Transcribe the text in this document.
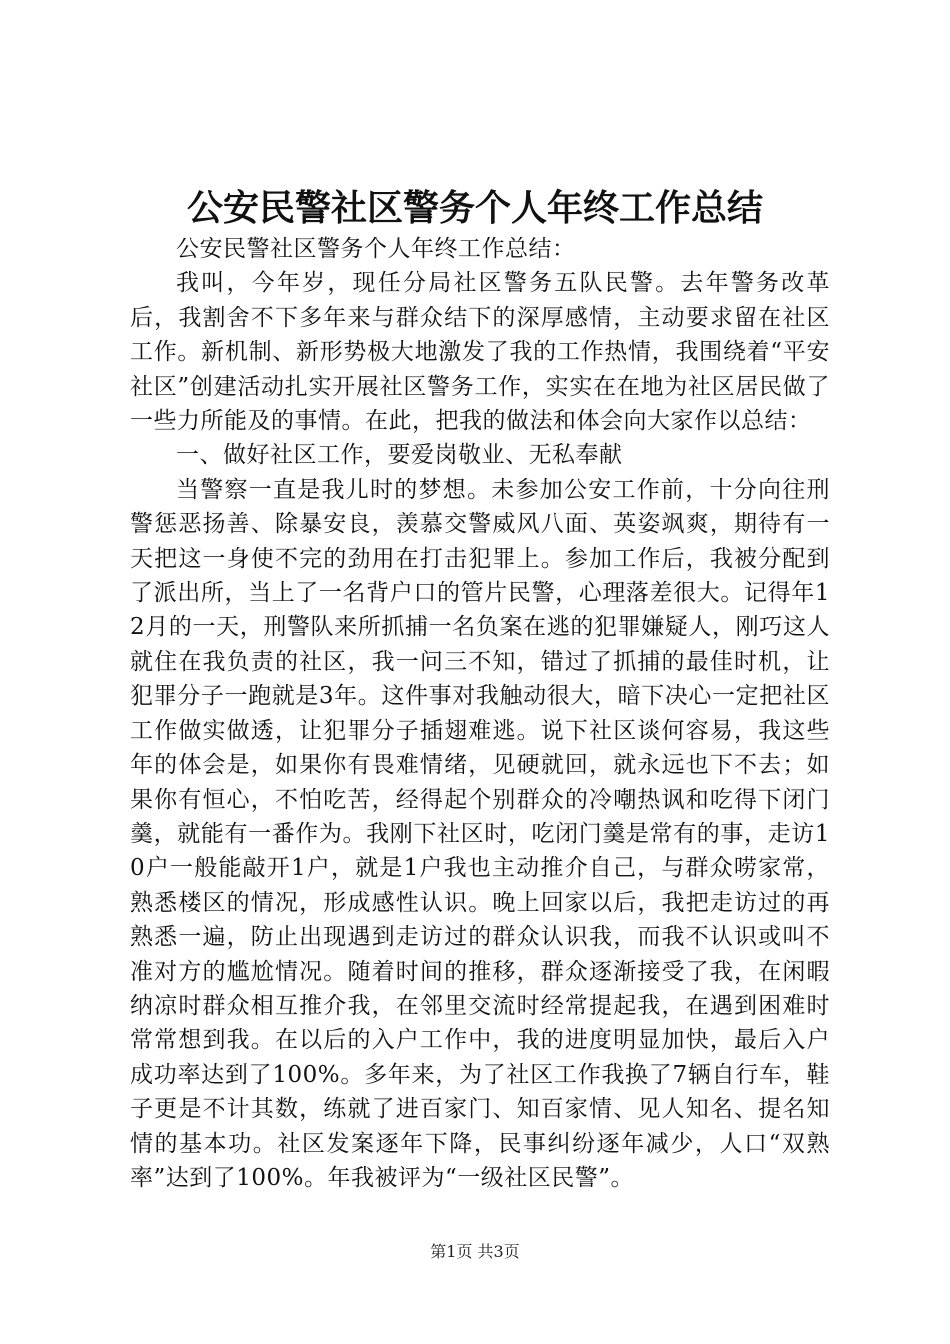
公安民警社区警务个人年终工作总结

公安民警社区警务个人年终工作总结：

我叫，今年岁，现任分局社区警务五队民警。去年警务改革后，我割舍不下多年来与群众结下的深厚感情，主动要求留在社区工作。新机制、新形势极大地激发了我的工作热情，我围绕着“平安社区”创建活动扎实开展社区警务工作，实实在在地为社区居民做了一些力所能及的事情。在此，把我的做法和体会向大家作以总结：

一、做好社区工作，要爱岗敬业、无私奉献

当警察一直是我儿时的梦想。未参加公安工作前，十分向往刑警惩恶扬善、除暴安良，羡慕交警威风八面、英姿飒爽，期待有一天把这一身使不完的劲用在打击犯罪上。参加工作后，我被分配到了派出所，当上了一名背户口的管片民警，心理落差很大。记得年12月的一天，刑警队来所抓捕一名负案在逃的犯罪嫌疑人，刚巧这人就住在我负责的社区，我一问三不知，错过了抓捕的最佳时机，让犯罪分子一跑就是3年。这件事对我触动很大，暗下决心一定把社区工作做实做透，让犯罪分子插翅难逃。说下社区谈何容易，我这些年的体会是，如果你有畏难情绪，见硬就回，就永远也下不去；如果你有恒心，不怕吃苦，经得起个别群众的冷嘲热讽和吃得下闭门羹，就能有一番作为。我刚下社区时，吃闭门羹是常有的事，走访10户一般能敲开1户，就是1户我也主动推介自己，与群众唠家常，熟悉楼区的情况，形成感性认识。晚上回家以后，我把走访过的再熟悉一遍，防止出现遇到走访过的群众认识我，而我不认识或叫不准对方的尴尬情况。随着时间的推移，群众逐渐接受了我，在闲暇纳凉时群众相互推介我，在邻里交流时经常提起我，在遇到困难时常常想到我。在以后的入户工作中，我的进度明显加快，最后入户成功率达到了100%。多年来，为了社区工作我换了7辆自行车，鞋子更是不计其数，练就了进百家门、知百家情、见人知名、提名知情的基本功。社区发案逐年下降，民事纠纷逐年减少，人口“双熟率”达到了100%。年我被评为“一级社区民警”。

第1页 共3页
